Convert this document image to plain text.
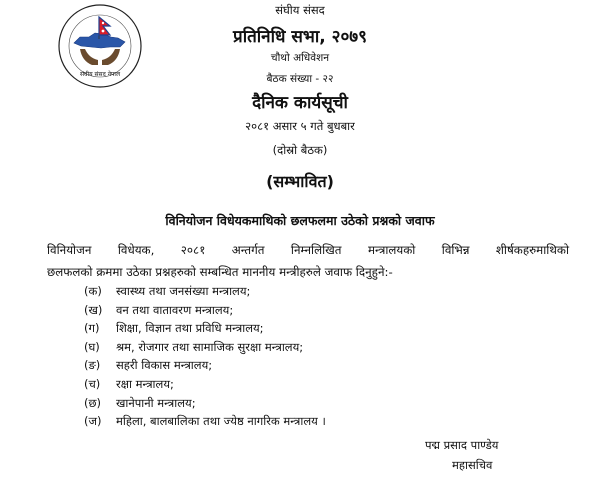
संघीय संसद नेपाल
संघीय संसद
प्रतिनिधि सभा, २०७९
चौथो अधिवेशन
बैठक संख्या - २२
दैनिक कार्यसूची
२०८१ असार ५ गते बुधबार
(दोस्रो बैठक)
(सम्भावित)
विनियोजन विधेयकमाथिको छलफलमा उठेको प्रश्नको जवाफ
विनियोजन विधेयक, २०८१ अन्तर्गत निम्नलिखित मन्त्रालयको विभिन्न शीर्षकहरुमाथिको
छलफलको क्रममा उठेका प्रश्नहरुको सम्बन्धित माननीय मन्त्रीहरुले जवाफ दिनुहुने:-
(क) स्वास्थ्य तथा जनसंख्या मन्त्रालय;
(ख) वन तथा वातावरण मन्त्रालय;
(ग) शिक्षा, विज्ञान तथा प्रविधि मन्त्रालय;
(घ) श्रम, रोजगार तथा सामाजिक सुरक्षा मन्त्रालय;
(ङ) सहरी विकास मन्त्रालय;
(च) रक्षा मन्त्रालय;
(छ) खानेपानी मन्त्रालय;
(ज) महिला, बालबालिका तथा ज्येष्ठ नागरिक मन्त्रालय ।
पद्म प्रसाद पाण्डेय
महासचिव
